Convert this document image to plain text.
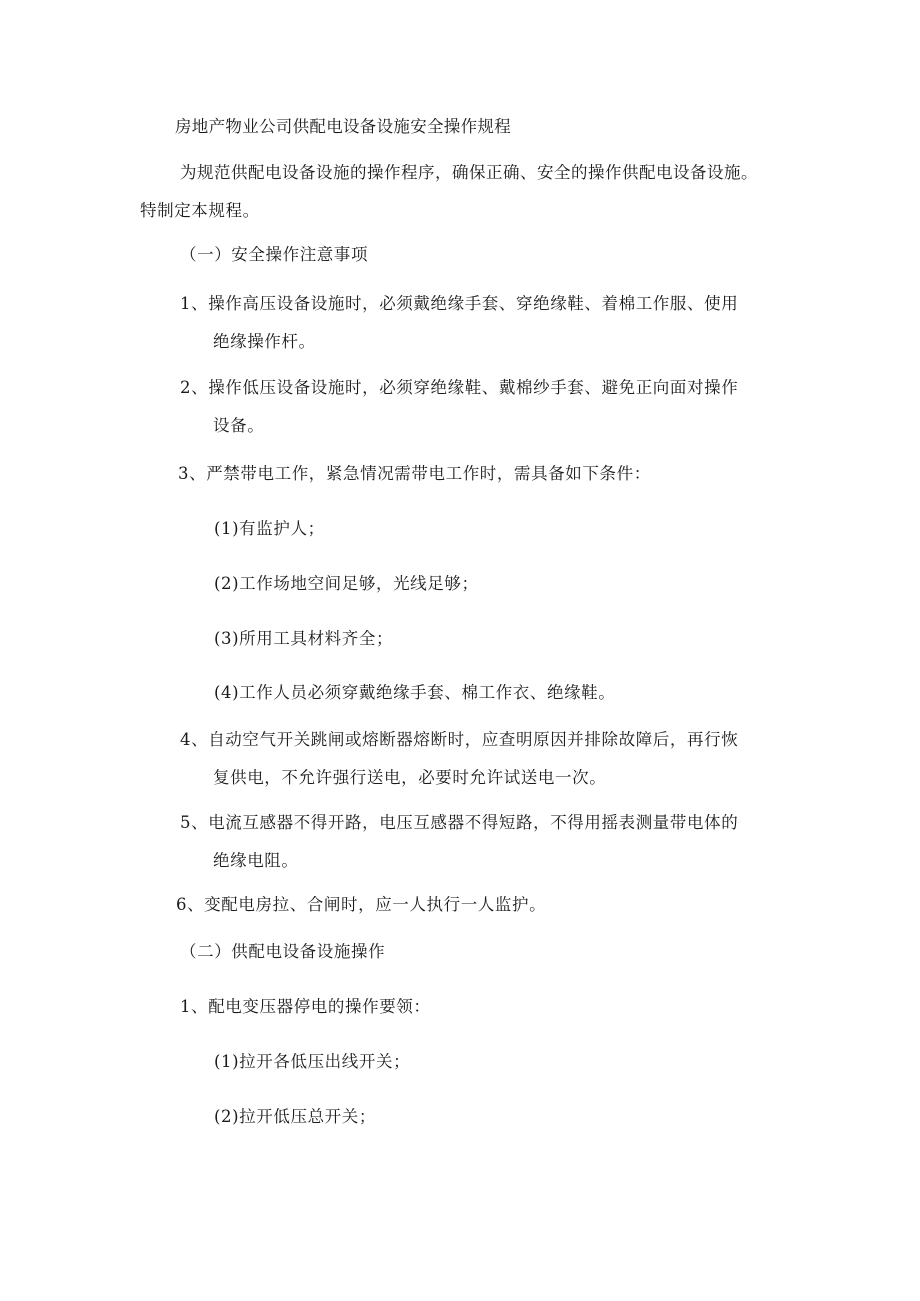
房地产物业公司供配电设备设施安全操作规程
为规范供配电设备设施的操作程序，确保正确、安全的操作供配电设备设施。
特制定本规程。
（一）安全操作注意事项
1、操作高压设备设施时，必须戴绝缘手套、穿绝缘鞋、着棉工作服、使用
绝缘操作杆。
2、操作低压设备设施时，必须穿绝缘鞋、戴棉纱手套、避免正向面对操作
设备。
3、严禁带电工作，紧急情况需带电工作时，需具备如下条件：
(1)有监护人；
(2)工作场地空间足够，光线足够；
(3)所用工具材料齐全；
(4)工作人员必须穿戴绝缘手套、棉工作衣、绝缘鞋。
4、自动空气开关跳闸或熔断器熔断时，应查明原因并排除故障后，再行恢
复供电，不允许强行送电，必要时允许试送电一次。
5、电流互感器不得开路，电压互感器不得短路，不得用摇表测量带电体的
绝缘电阻。
6、变配电房拉、合闸时，应一人执行一人监护。
（二）供配电设备设施操作
1、配电变压器停电的操作要领：
(1)拉开各低压出线开关；
(2)拉开低压总开关；
